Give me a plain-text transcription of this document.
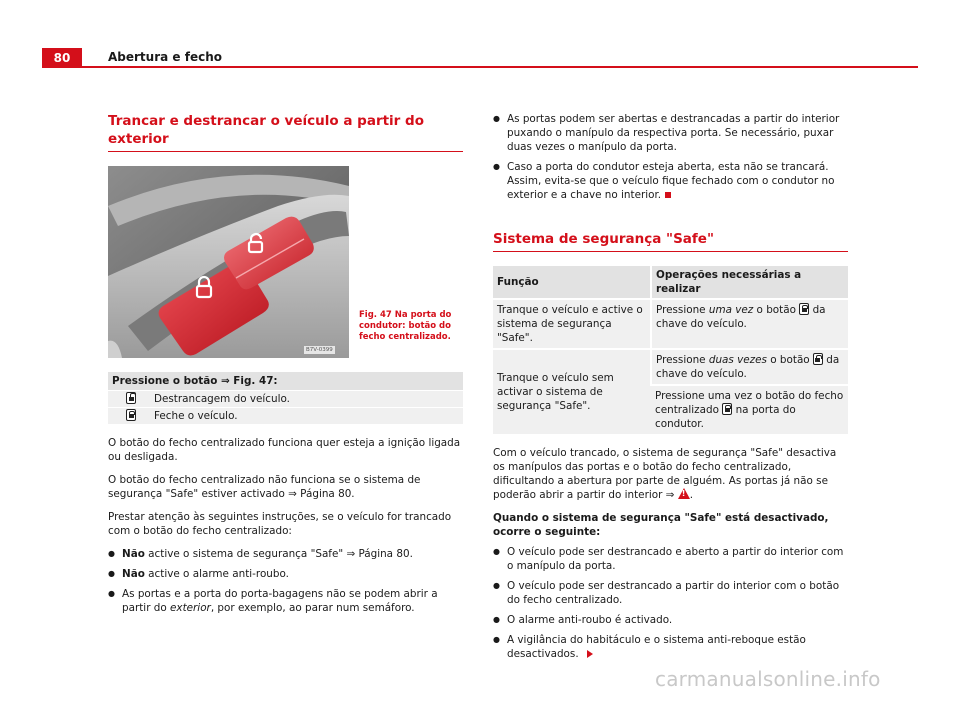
80	Abertura e fecho
Trancar e destrancar o veículo a partir do exterior
B7V-0399
Fig. 47 Na porta do condutor: botão do fecho centralizado.
Pressione o botão ⇒ Fig. 47:
Destrancagem do veículo.
Feche o veículo.

O botão do fecho centralizado funciona quer esteja a ignição ligada ou desligada.

O botão do fecho centralizado não funciona se o sistema de segurança "Safe" estiver activado ⇒ Página 80.

Prestar atenção às seguintes instruções, se o veículo for trancado com o botão do fecho centralizado:

● Não active o sistema de segurança "Safe" ⇒ Página 80.
● Não active o alarme anti-roubo.
● As portas e a porta do porta-bagagens não se podem abrir a partir do exterior, por exemplo, ao parar num semáforo.
● As portas podem ser abertas e destrancadas a partir do interior puxando o manípulo da respectiva porta. Se necessário, puxar duas vezes o manípulo da porta.
● Caso a porta do condutor esteja aberta, esta não se trancará. Assim, evita-se que o veículo fique fechado com o condutor no exterior e a chave no interior.
Sistema de segurança "Safe"
Função	Operações necessárias a realizar
Tranque o veículo e active o sistema de segurança "Safe".	Pressione uma vez o botão  da chave do veículo.
Tranque o veículo sem activar o sistema de segurança "Safe".	Pressione duas vezes o botão  da chave do veículo.
	Pressione uma vez o botão do fecho centralizado  na porta do condutor.

Com o veículo trancado, o sistema de segurança "Safe" desactiva os manípulos das portas e o botão do fecho centralizado, dificultando a abertura por parte de alguém. As portas já não se poderão abrir a partir do interior ⇒ !.

Quando o sistema de segurança "Safe" está desactivado, ocorre o seguinte:
● O veículo pode ser destrancado e aberto a partir do interior com o manípulo da porta.
● O veículo pode ser destrancado a partir do interior com o botão do fecho centralizado.
● O alarme anti-roubo é activado.
● A vigilância do habitáculo e o sistema anti-reboque estão desactivados.
carmanualsonline.info
